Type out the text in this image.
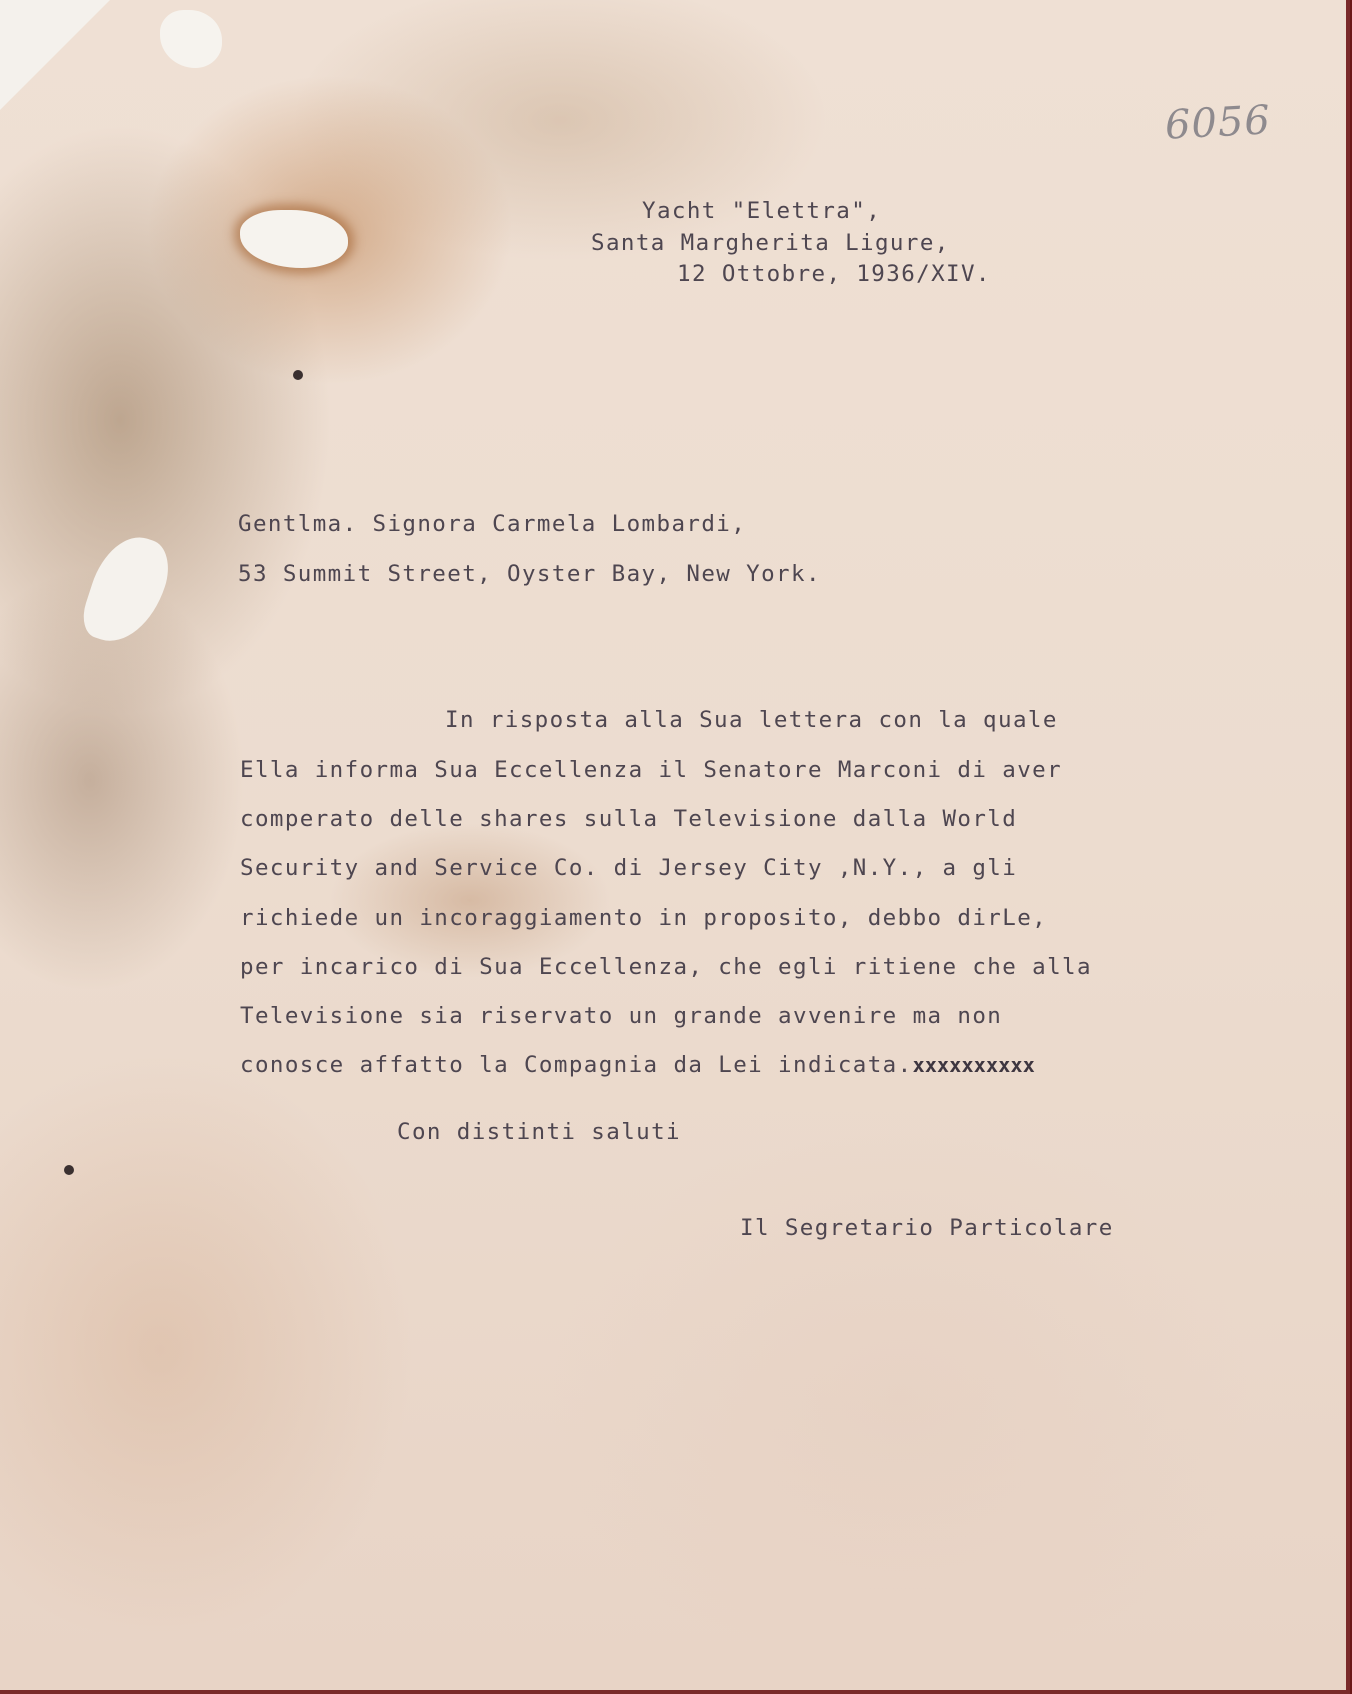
6056
Yacht "Elettra",
Santa Margherita Ligure,
12 Ottobre, 1936/XIV.
Gentlma. Signora Carmela Lombardi,
53 Summit Street, Oyster Bay, New York.
In risposta alla Sua lettera con la quale
Ella informa Sua Eccellenza il Senatore Marconi di aver
comperato delle shares sulla Televisione dalla World
Security and Service Co. di Jersey City ,N.Y., a gli
richiede un incoraggiamento in proposito, debbo dirLe,
per incarico di Sua Eccellenza, che egli ritiene che alla
Televisione sia riservato un grande avvenire ma non
conosce affatto la Compagnia da Lei indicata.xxxxxxxxxx
Con distinti saluti
Il Segretario Particolare
